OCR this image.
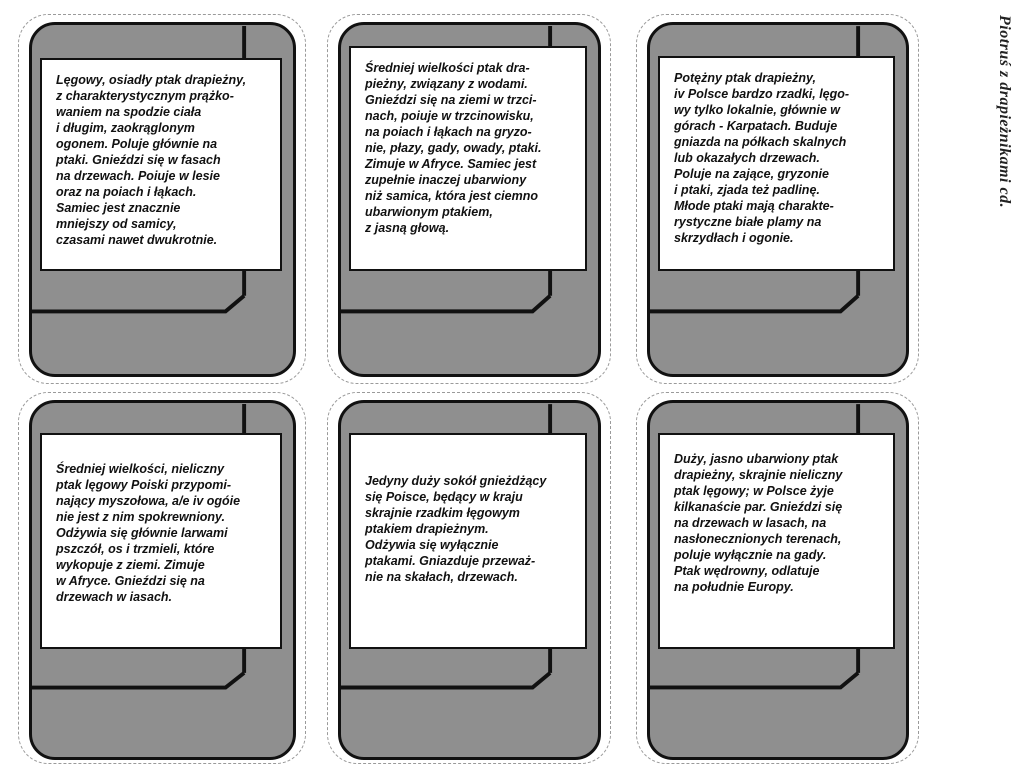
Lęgowy, osiadły ptak drapieżny,
z charakterystycznym prążko-
waniem na spodzie ciała
i długim, zaokrąglonym
ogonem. Poluje głównie na
ptaki. Gnieździ się w fasach
na drzewach. Poiuje w lesie
oraz na poiach i łąkach.
Samiec jest znacznie
mniejszy od samicy,
czasami nawet dwukrotnie.
Średniej wielkości ptak dra-
pieżny, związany z wodami.
Gnieździ się na ziemi w trzci-
nach, poiuje w trzcinowisku,
na poiach i łąkach na gryzo-
nie, płazy, gady, owady, ptaki.
Zimuje w Afryce. Samiec jest
zupełnie inaczej ubarwiony
niż samica, która jest ciemno
ubarwionym ptakiem,
z jasną głową.
Potężny ptak drapieżny,
iv Polsce bardzo rzadki, lęgo-
wy tylko lokalnie, głównie w
górach - Karpatach. Buduje
gniazda na półkach skalnych
lub okazałych drzewach.
Poluje na zające, gryzonie
i ptaki, zjada też padlinę.
Młode ptaki mają charakte-
rystyczne białe plamy na
skrzydłach i ogonie.
Średniej wielkości, nieliczny
ptak lęgowy Poiski przypomi-
nający myszołowa, a/e iv ogóie
nie jest z nim spokrewniony.
Odżywia się głównie larwami
pszczół, os i trzmieli, które
wykopuje z ziemi. Zimuje
w Afryce. Gnieździ się na
drzewach w iasach.
Jedyny duży sokół gnieżdżący
się Poisce, będący w kraju
skrajnie rzadkim łęgowym
ptakiem drapieżnym.
Odżywia się wyłącznie
ptakami. Gniazduje przeważ-
nie na skałach, drzewach.
Duży, jasno ubarwiony ptak
drapieżny, skrajnie nieliczny
ptak lęgowy; w Polsce żyje
kilkanaście par. Gnieździ się
na drzewach w lasach, na
nasłonecznionych terenach,
poluje wyłącznie na gady.
Ptak wędrowny, odlatuje
na południe Europy.
Piotruś z drapieżnikami cd.
